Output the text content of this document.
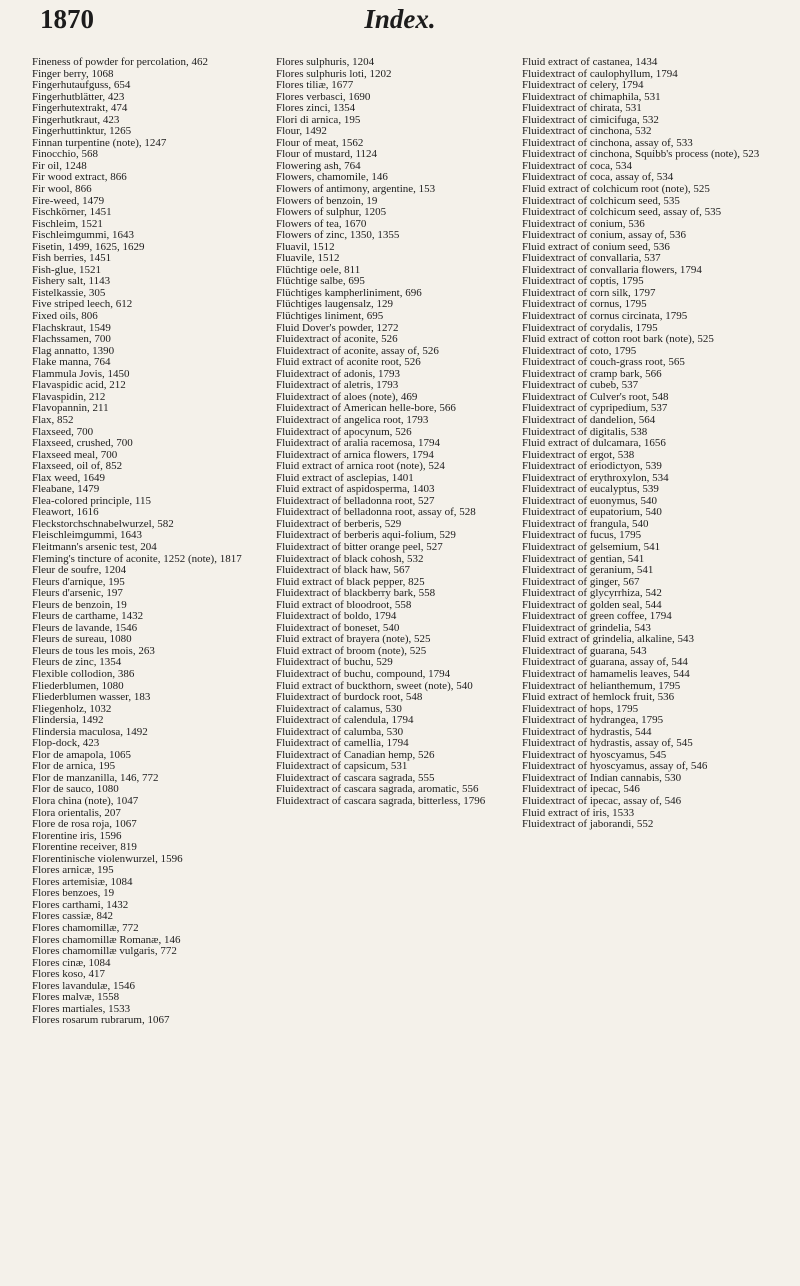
1870	Index.
Fineness of powder for percolation, 462
Finger berry, 1068
Fingerhutaufguss, 654
Fingerhutblätter, 423
Fingerhutextrakt, 474
Fingerhutkraut, 423
Fingerhuttinktur, 1265
Finnan turpentine (note), 1247
Finocchio, 568
Fir oil, 1248
Fir wood extract, 866
Fir wool, 866
Fire-weed, 1479
Fischkörner, 1451
Fischleim, 1521
Fischleimgummi, 1643
Fisetin, 1499, 1625, 1629
Fish berries, 1451
Fish-glue, 1521
Fishery salt, 1143
Fistelkassie, 305
Five striped leech, 612
Fixed oils, 806
Flachskraut, 1549
Flachssamen, 700
Flag annatto, 1390
Flake manna, 764
Flammula Jovis, 1450
Flavaspidic acid, 212
Flavaspidin, 212
Flavopannin, 211
Flax, 852
Flaxseed, 700
Flaxseed, crushed, 700
Flaxseed meal, 700
Flaxseed, oil of, 852
Flax weed, 1649
Fleabane, 1479
Flea-colored principle, 115
Fleawort, 1616
Fleckstorchschnabelwurzel, 582
Fleischleimgummi, 1643
Fleitmann's arsenic test, 204
Fleming's tincture of aconite, 1252 (note), 1817
Fleur de soufre, 1204
Fleurs d'arnique, 195
Fleurs d'arsenic, 197
Fleurs de benzoin, 19
Fleurs de carthame, 1432
Fleurs de lavande, 1546
Fleurs de sureau, 1080
Fleurs de tous les mois, 263
Fleurs de zinc, 1354
Flexible collodion, 386
Fliederblumen, 1080
Fliederblumen wasser, 183
Fliegenholz, 1032
Flindersia, 1492
Flindersia maculosa, 1492
Flop-dock, 423
Flor de amapola, 1065
Flor de arnica, 195
Flor de manzanilla, 146, 772
Flor de sauco, 1080
Flora china (note), 1047
Flora orientalis, 207
Flore de rosa roja, 1067
Florentine iris, 1596
Florentine receiver, 819
Florentinische violenwurzel, 1596
Flores arnicæ, 195
Flores artemisiæ, 1084
Flores benzoes, 19
Flores carthami, 1432
Flores cassiæ, 842
Flores chamomillæ, 772
Flores chamomillæ Romanæ, 146
Flores chamomillæ vulgaris, 772
Flores cinæ, 1084
Flores koso, 417
Flores lavandulæ, 1546
Flores malvæ, 1558
Flores martiales, 1533
Flores rosarum rubrarum, 1067
Flores sulphuris, 1204
Flores sulphuris loti, 1202
Flores tiliæ, 1677
Flores verbasci, 1690
Flores zinci, 1354
Flori di arnica, 195
Flour, 1492
Flour of meat, 1562
Flour of mustard, 1124
Flowering ash, 764
Flowers, chamomile, 146
Flowers of antimony, argentine, 153
Flowers of benzoin, 19
Flowers of sulphur, 1205
Flowers of tea, 1670
Flowers of zinc, 1350, 1355
Fluavil, 1512
Fluavile, 1512
Flüchtige oele, 811
Flüchtige salbe, 695
Flüchtiges kampherliniment, 696
Flüchtiges laugensalz, 129
Flüchtiges liniment, 695
Fluid Dover's powder, 1272
Fluidextract of aconite, 526
Fluidextract of aconite, assay of, 526
Fluid extract of aconite root, 526
Fluidextract of adonis, 1793
Fluidextract of aletris, 1793
Fluidextract of aloes (note), 469
Fluidextract of American helle-bore, 566
Fluidextract of angelica root, 1793
Fluidextract of apocynum, 526
Fluidextract of aralia racemosa, 1794
Fluidextract of arnica flowers, 1794
Fluid extract of arnica root (note), 524
Fluid extract of asclepias, 1401
Fluid extract of aspidosperma, 1403
Fluidextract of belladonna root, 527
Fluidextract of belladonna root, assay of, 528
Fluidextract of berberis, 529
Fluidextract of berberis aqui-folium, 529
Fluidextract of bitter orange peel, 527
Fluidextract of black cohosh, 532
Fluidextract of black haw, 567
Fluid extract of black pepper, 825
Fluidextract of blackberry bark, 558
Fluid extract of bloodroot, 558
Fluidextract of boldo, 1794
Fluidextract of boneset, 540
Fluid extract of brayera (note), 525
Fluid extract of broom (note), 525
Fluidextract of buchu, 529
Fluidextract of buchu, compound, 1794
Fluid extract of buckthorn, sweet (note), 540
Fluidextract of burdock root, 548
Fluidextract of calamus, 530
Fluidextract of calendula, 1794
Fluidextract of calumba, 530
Fluidextract of camellia, 1794
Fluidextract of Canadian hemp, 526
Fluidextract of capsicum, 531
Fluidextract of cascara sagrada, 555
Fluidextract of cascara sagrada, aromatic, 556
Fluidextract of cascara sagrada, bitterless, 1796
Fluid extract of castanea, 1434
Fluidextract of caulophyllum, 1794
Fluidextract of celery, 1794
Fluidextract of chimaphila, 531
Fluidextract of chirata, 531
Fluidextract of cimicifuga, 532
Fluidextract of cinchona, 532
Fluidextract of cinchona, assay of, 533
Fluidextract of cinchona, Squibb's process (note), 523
Fluidextract of coca, 534
Fluidextract of coca, assay of, 534
Fluid extract of colchicum root (note), 525
Fluidextract of colchicum seed, 535
Fluidextract of colchicum seed, assay of, 535
Fluidextract of conium, 536
Fluidextract of conium, assay of, 536
Fluid extract of conium seed, 536
Fluidextract of convallaria, 537
Fluidextract of convallaria flowers, 1794
Fluidextract of coptis, 1795
Fluidextract of corn silk, 1797
Fluidextract of cornus, 1795
Fluidextract of cornus circinata, 1795
Fluidextract of corydalis, 1795
Fluid extract of cotton root bark (note), 525
Fluidextract of coto, 1795
Fluidextract of couch-grass root, 565
Fluidextract of cramp bark, 566
Fluidextract of cubeb, 537
Fluidextract of Culver's root, 548
Fluidextract of cypripedium, 537
Fluidextract of dandelion, 564
Fluidextract of digitalis, 538
Fluid extract of dulcamara, 1656
Fluidextract of ergot, 538
Fluidextract of eriodictyon, 539
Fluidextract of erythroxylon, 534
Fluidextract of eucalyptus, 539
Fluidextract of euonymus, 540
Fluidextract of eupatorium, 540
Fluidextract of frangula, 540
Fluidextract of fucus, 1795
Fluidextract of gelsemium, 541
Fluidextract of gentian, 541
Fluidextract of geranium, 541
Fluidextract of ginger, 567
Fluidextract of glycyrrhiza, 542
Fluidextract of golden seal, 544
Fluidextract of green coffee, 1794
Fluidextract of grindelia, 543
Fluid extract of grindelia, alkaline, 543
Fluidextract of guarana, 543
Fluidextract of guarana, assay of, 544
Fluidextract of hamamelis leaves, 544
Fluidextract of helianthemum, 1795
Fluid extract of hemlock fruit, 536
Fluidextract of hops, 1795
Fluidextract of hydrangea, 1795
Fluidextract of hydrastis, 544
Fluidextract of hydrastis, assay of, 545
Fluidextract of hyoscyamus, 545
Fluidextract of hyoscyamus, assay of, 546
Fluidextract of Indian cannabis, 530
Fluidextract of ipecac, 546
Fluidextract of ipecac, assay of, 546
Fluid extract of iris, 1533
Fluidextract of jaborandi, 552
